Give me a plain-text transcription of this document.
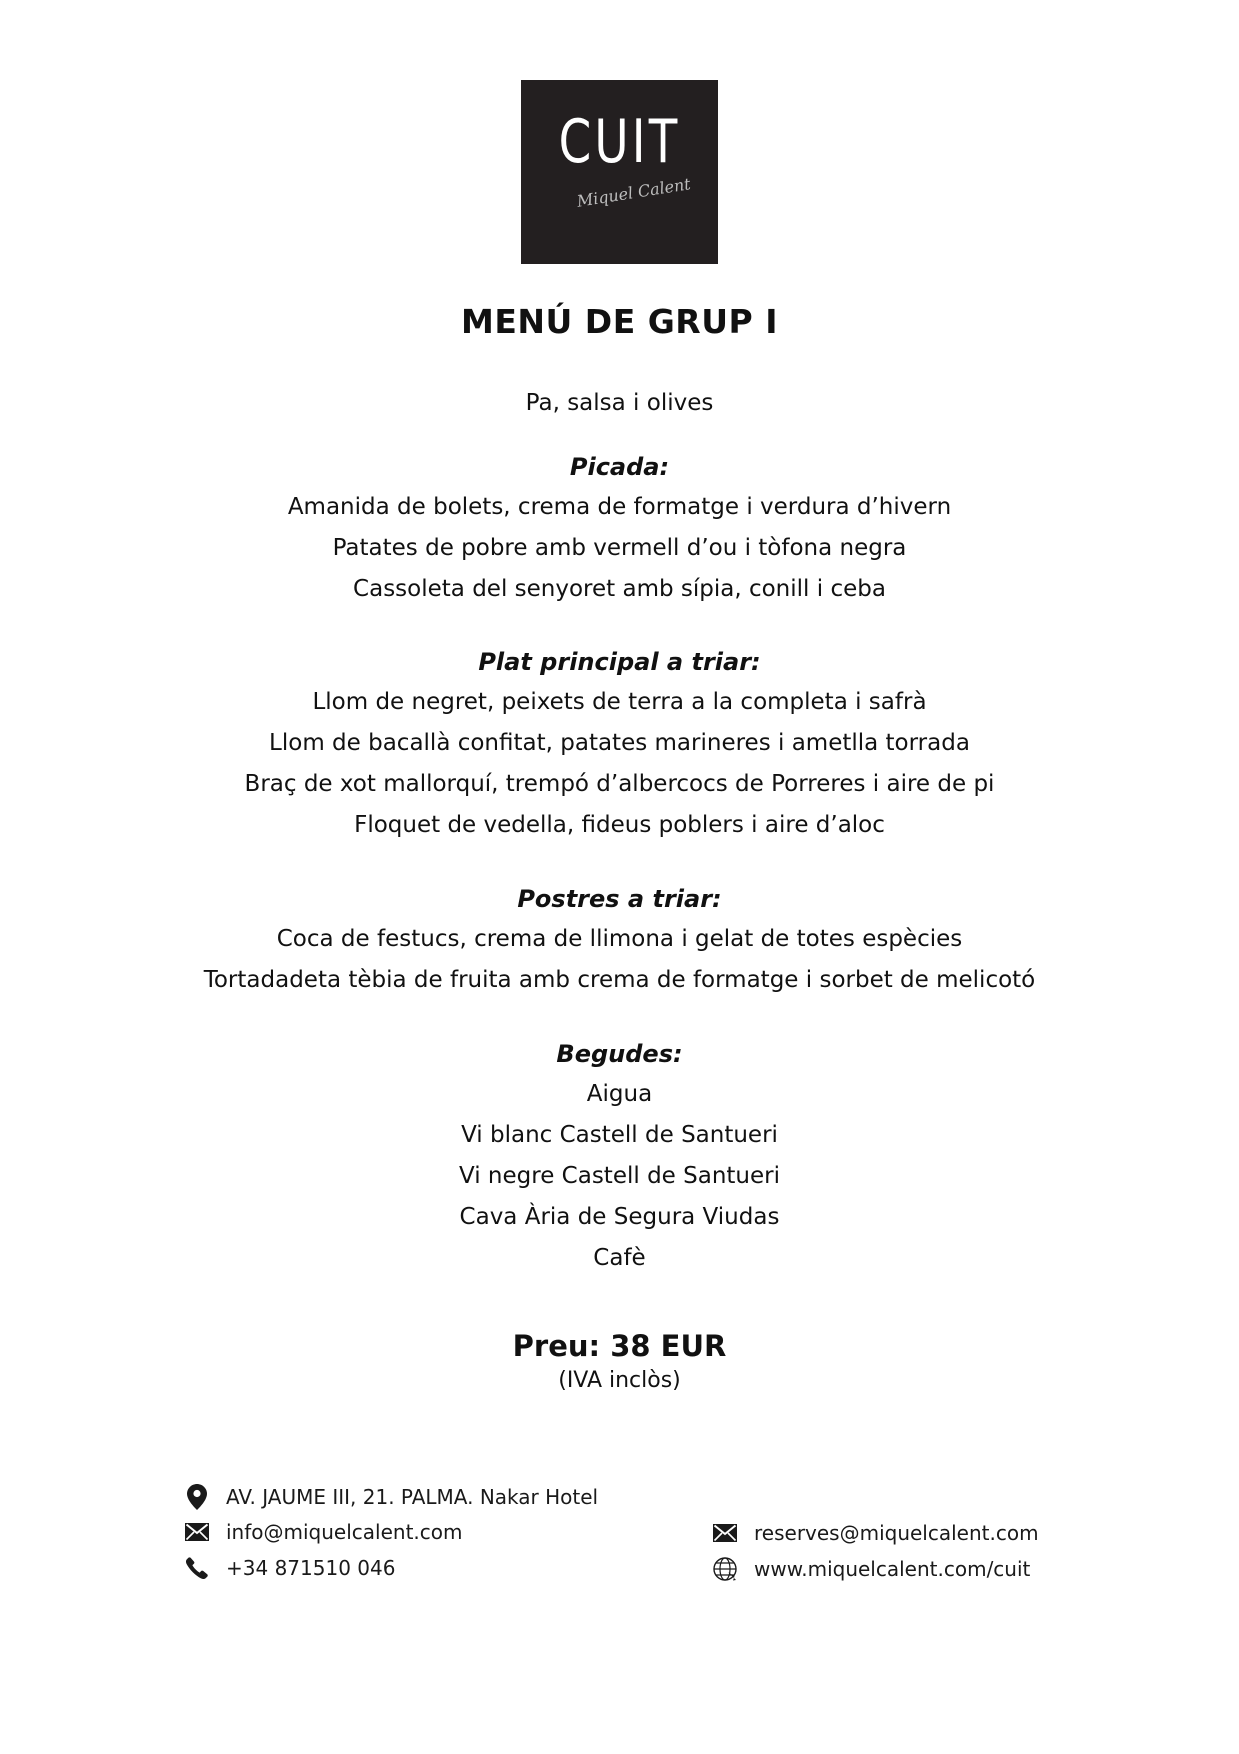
CUIT
Miquel Calent
MENÚ DE GRUP I
Pa, salsa i olives
Picada:
Amanida de bolets, crema de formatge i verdura d’hivern
Patates de pobre amb vermell d’ou i tòfona negra
Cassoleta del senyoret amb sípia, conill i ceba
Plat principal a triar:
Llom de negret, peixets de terra a la completa i safrà
Llom de bacallà confitat, patates marineres i ametlla torrada
Braç de xot mallorquí, trempó d’albercocs de Porreres i aire de pi
Floquet de vedella, fideus poblers i aire d’aloc
Postres a triar:
Coca de festucs, crema de llimona i gelat de totes espècies
Tortadadeta tèbia de fruita amb crema de formatge i sorbet de melicotó
Begudes:
Aigua
Vi blanc Castell de Santueri
Vi negre Castell de Santueri
Cava Ària de Segura Viudas
Cafè
Preu: 38 EUR
(IVA inclòs)
AV. JAUME III, 21. PALMA. Nakar Hotel
info@miquelcalent.com
+34 871510 046
reserves@miquelcalent.com
www.miquelcalent.com/cuit
